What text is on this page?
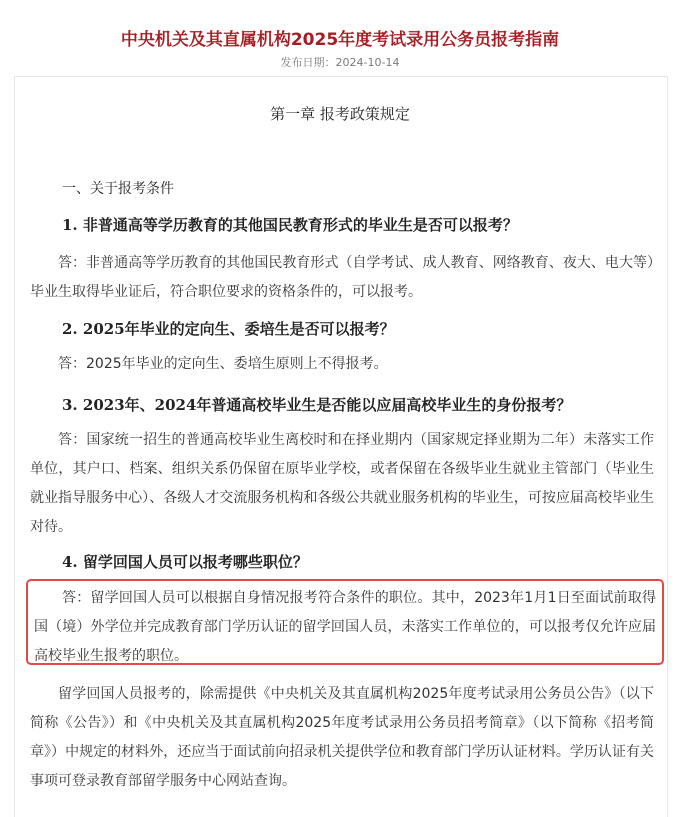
中央机关及其直属机构2025年度考试录用公务员报考指南
发布日期：2024-10-14
第一章 报考政策规定
一、关于报考条件
1. 非普通高等学历教育的其他国民教育形式的毕业生是否可以报考？

答：非普通高等学历教育的其他国民教育形式（自学考试、成人教育、网络教育、夜大、电大等）毕业生取得毕业证后，符合职位要求的资格条件的，可以报考。

2. 2025年毕业的定向生、委培生是否可以报考？

答：2025年毕业的定向生、委培生原则上不得报考。

3. 2023年、2024年普通高校毕业生是否能以应届高校毕业生的身份报考？

答：国家统一招生的普通高校毕业生离校时和在择业期内（国家规定择业期为二年）未落实工作单位，其户口、档案、组织关系仍保留在原毕业学校，或者保留在各级毕业生就业主管部门（毕业生就业指导服务中心）、各级人才交流服务机构和各级公共就业服务机构的毕业生，可按应届高校毕业生对待。

4. 留学回国人员可以报考哪些职位？

答：留学回国人员可以根据自身情况报考符合条件的职位。其中，2023年1月1日至面试前取得国（境）外学位并完成教育部门学历认证的留学回国人员，未落实工作单位的，可以报考仅允许应届高校毕业生报考的职位。

留学回国人员报考的，除需提供《中央机关及其直属机构2025年度考试录用公务员公告》（以下简称《公告》）和《中央机关及其直属机构2025年度考试录用公务员招考简章》（以下简称《招考简章》）中规定的材料外，还应当于面试前向招录机关提供学位和教育部门学历认证材料。学历认证有关事项可登录教育部留学服务中心网站查询。
